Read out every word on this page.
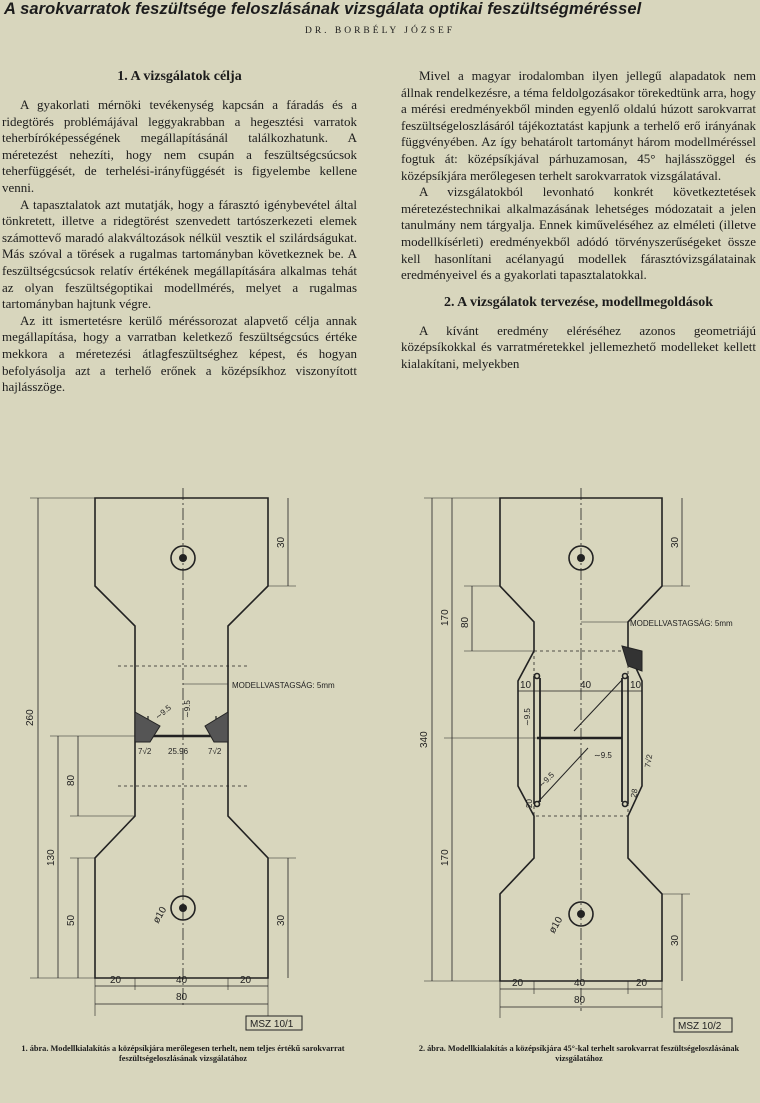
A sarokvarratok feszültsége feloszlásának vizsgálata optikai feszültségméréssel
DR. BORBÉLY JÓZSEF
1. A vizsgálatok célja

A gyakorlati mérnöki tevékenység kapcsán a fáradás és a ridegtörés problémájával leggyakrabban a hegesztési varratok teherbíróképességének megállapításánál találkozhatunk. A méretezést nehezíti, hogy nem csupán a feszültségcsúcsok teherfüggését, de terhelési-irányfüggését is figyelembe kellene venni.

A tapasztalatok azt mutatják, hogy a fárasztó igénybevétel által tönkretett, illetve a ridegtörést szenvedett tartószerkezeti elemek számottevő maradó alakváltozások nélkül vesztik el szilárdságukat. Más szóval a törések a rugalmas tartományban következnek be. A feszültségcsúcsok relatív értékének megállapítására alkalmas tehát az olyan feszültségoptikai modellmérés, melyet a rugalmas tartományban hajtunk végre.

Az itt ismertetésre kerülő méréssorozat alapvető célja annak megállapítása, hogy a varratban keletkező feszültségcsúcs értéke mekkora a méretezési átlagfeszültséghez képest, és hogyan befolyásolja azt a terhelő erőnek a középsíkhoz viszonyított hajlásszöge.

Mivel a magyar irodalomban ilyen jellegű alapadatok nem állnak rendelkezésre, a téma feldolgozásakor törekedtünk arra, hogy a mérési eredményekből minden egyenlő oldalú húzott sarokvarrat feszültségeloszlásáról tájékoztatást kapjunk a terhelő erő irányának függvényében. Az így behatárolt tartományt három modellméréssel fogtuk át: középsíkjával párhuzamosan, 45° hajlásszöggel és középsíkjára merőlegesen terhelt sarokvarratok vizsgálatával.

A vizsgálatokból levonható konkrét következtetések méretezéstechnikai alkalmazásának lehetséges módozatait a jelen tanulmány nem tárgyalja. Ennek kiműveléséhez az elméleti (illetve modellkísérleti) eredményekből adódó törvényszerűségeket össze kell hasonlítani acélanyagú modellek fárasztóvizsgálatainak eredményeivel és a gyakorlati tapasztalatokkal.

2. A vizsgálatok tervezése, modellmegoldások

A kívánt eredmény eléréséhez azonos geometriájú középsíkokkal és varratméretekkel jellemezhető modelleket kellett kialakítani, melyekben

260
130
80
50
30
30
ø10
20	40	20
80
7√2 25.96 7√2
∼9.5 ∼9.5
MODELLVASTAGSÁG: 5mm
MSZ 10/1
340
170
170
80
30
30
10	40	10
∼9.5
∼9.5
∼9.5	7√2
20
28
ø10
20	40	20
80
MODELLVASTAGSÁG: 5mm
MSZ 10/2
1. ábra. Modellkialakítás a középsíkjára merőlegesen terhelt, nem teljes értékű sarokvarrat feszültségeloszlásának vizsgálatához
2. ábra. Modellkialakítás a középsíkjára 45°-kal terhelt sarokvarrat feszültségeloszlásának vizsgálatához
